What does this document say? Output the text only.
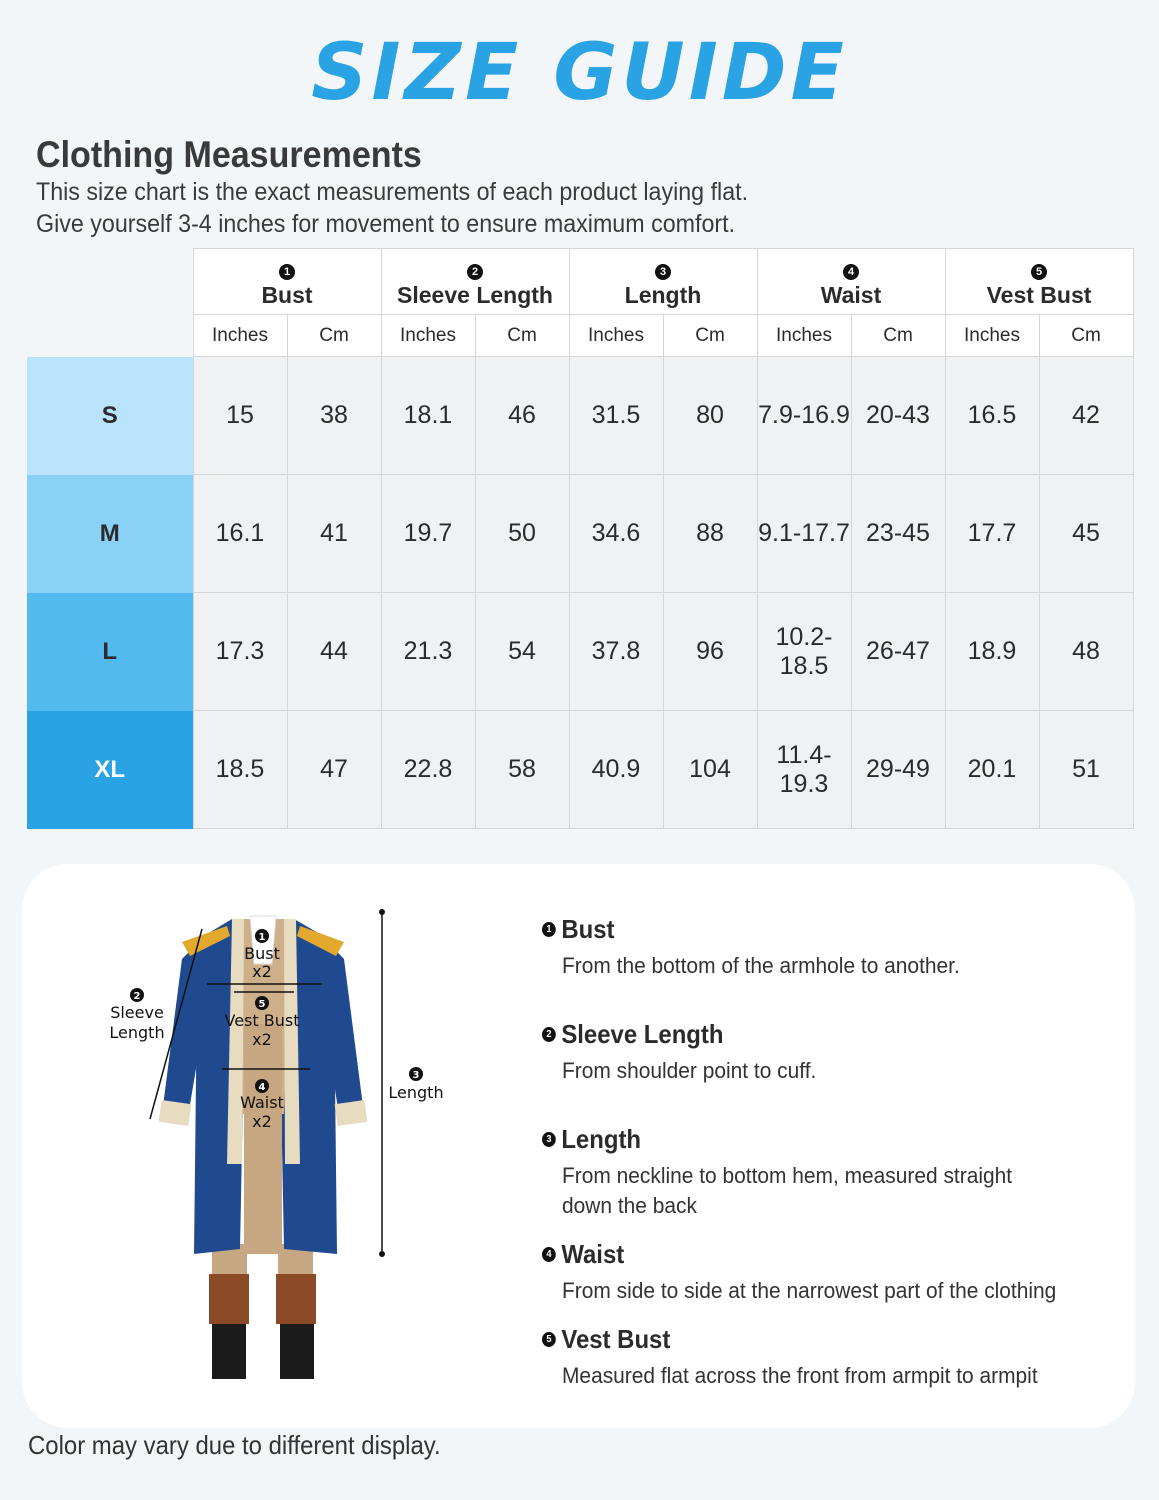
SIZE GUIDE
Clothing Measurements
This size chart is the exact measurements of each product laying flat.
Give yourself 3-4 inches for movement to ensure maximum comfort.
	1
Bust		2
Sleeve Length		3
Length		4
Waist		5
Vest Bust	
	Inches	Cm	Inches	Cm	Inches	Cm	Inches	Cm	Inches	Cm
S	15	38	18.1	46	31.5	80	7.9-16.9	20-43	16.5	42
M	16.1	41	19.7	50	34.6	88	9.1-17.7	23-45	17.7	45
L	17.3	44	21.3	54	37.8	96	10.2-18.5	26-47	18.9	48
XL	18.5	47	22.8	58	40.9	104	11.4-19.3	29-49	20.1	51
1
Bust
x2
2
Sleeve
Length
5
Vest Bust
x2
4
Waist
x2
3
Length
1 Bust
From the bottom of the armhole to another.
2 Sleeve Length
From shoulder point to cuff.
3 Length
From neckline to bottom hem, measured straight down the back
4 Waist
From side to side at the narrowest part of the clothing
5 Vest Bust
Measured flat across the front from armpit to armpit
Color may vary due to different display.
